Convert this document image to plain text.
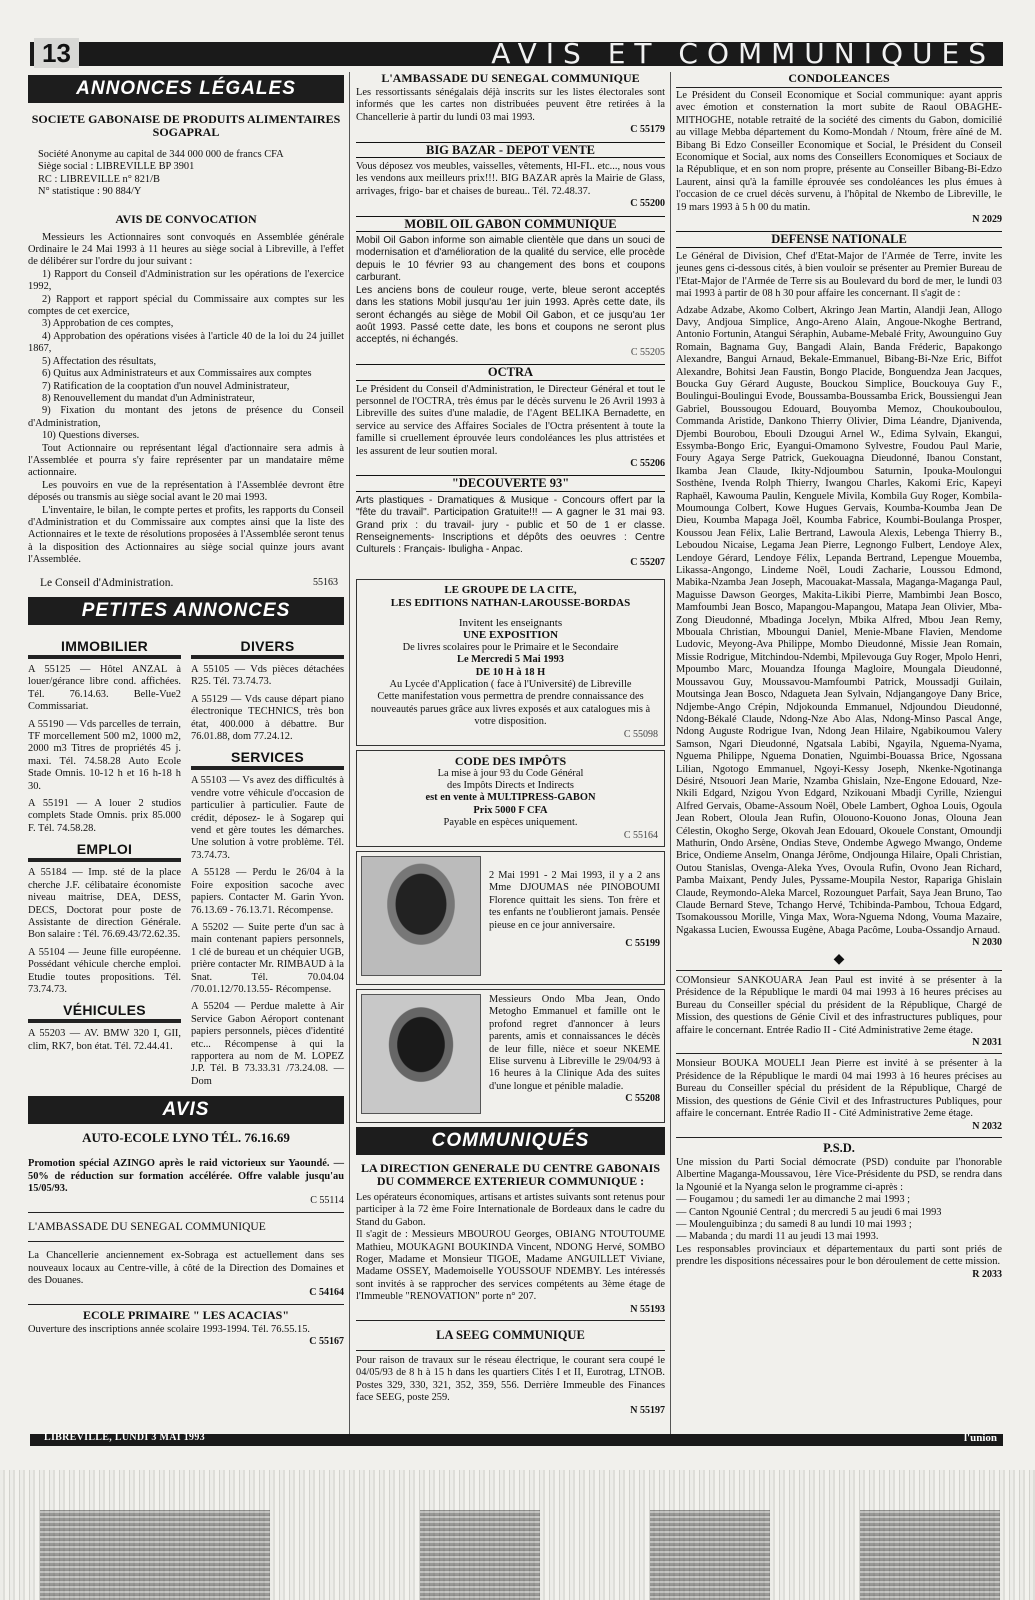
13	AVIS ET COMMUNIQUES
ANNONCES LÉGALES
SOCIETE GABONAISE DE PRODUITS ALIMENTAIRES
SOGAPRAL
Société Anonyme au capital de 344 000 000 de francs CFA
Siège social : LIBREVILLE BP 3901
RC : LIBREVILLE n° 821/B
N° statistique : 90 884/Y
AVIS DE CONVOCATION

Messieurs les Actionnaires sont convoqués en Assemblée générale Ordinaire le 24 Mai 1993 à 11 heures au siège social à Libreville, à l'effet de délibérer sur l'ordre du jour suivant :

1) Rapport du Conseil d'Administration sur les opérations de l'exercice 1992,

2) Rapport et rapport spécial du Commissaire aux comptes sur les comptes de cet exercice,

3) Approbation de ces comptes,

4) Approbation des opérations visées à l'article 40 de la loi du 24 juillet 1867,

5) Affectation des résultats,

6) Quitus aux Administrateurs et aux Commissaires aux comptes

7) Ratification de la cooptation d'un nouvel Administrateur,

8) Renouvellement du mandat d'un Administrateur,

9) Fixation du montant des jetons de présence du Conseil d'Administration,

10) Questions diverses.

Tout Actionnaire ou représentant légal d'actionnaire sera admis à l'Assemblée et pourra s'y faire représenter par un mandataire même actionnaire.

Les pouvoirs en vue de la représentation à l'Assemblée devront être déposés ou transmis au siège social avant le 20 mai 1993.

L'inventaire, le bilan, le compte pertes et profits, les rapports du Conseil d'Administration et du Commissaire aux comptes ainsi que la liste des Actionnaires et le texte de résolutions proposées à l'Assemblée seront tenus à la disposition des Actionnaires au siège social quinze jours avant l'Assemblée.

Le Conseil d'Administration.	55163
PETITES ANNONCES
IMMOBILIER

A 55125 — Hôtel ANZAL à louer/gérance libre cond. affichées. Tél. 76.14.63. Belle-Vue2 Commissariat.

A 55190 — Vds parcelles de terrain, TF morcellement 500 m2, 1000 m2, 2000 m3 Titres de propriétés 45 j. maxi. Tél. 74.58.28 Auto Ecole Stade Omnis. 10-12 h et 16 h-18 h 30.

A 55191 — A louer 2 studios complets Stade Omnis. prix 85.000 F. Tél. 74.58.28.

EMPLOI

A 55184 — Imp. sté de la place cherche J.F. célibataire économiste niveau maitrise, DEA, DESS, DECS, Doctorat pour poste de Assistante de direction Générale. Bon salaire : Tél. 76.69.43/72.62.35.

A 55104 — Jeune fille européenne. Possédant véhicule cherche emploi. Etudie toutes propositions. Tél. 73.74.73.

VÉHICULES

A 55203 — AV. BMW 320 I, GII, clim, RK7, bon état. Tél. 72.44.41.

DIVERS

A 55105 — Vds pièces détachées R25. Tél. 73.74.73.

A 55129 — Vds cause départ piano électronique TECHNICS, très bon état, 400.000 à débattre. Bur 76.01.88, dom 77.24.12.

SERVICES

A 55103 — Vs avez des difficultés à vendre votre véhicule d'occasion de particulier à particulier. Faute de crédit, déposez- le à Sogarep qui vend et gère toutes les démarches. Une solution à votre problème. Tél. 73.74.73.

A 55128 — Perdu le 26/04 à la Foire exposition sacoche avec papiers. Contacter M. Garin Yvon. 76.13.69 - 76.13.71. Récompense.

A 55202 — Suite perte d'un sac à main contenant papiers personnels, 1 clé de bureau et un chéquier UGB, prière contacter Mr. RIMBAUD à la Snat. Tél. 70.04.04 /70.01.12/70.13.55- Récompense.

A 55204 — Perdue malette à Air Service Gabon Aéroport contenant papiers personnels, pièces d'identité etc... Récompense à qui la rapportera au nom de M. LOPEZ J.P. Tél. B 73.33.31 /73.24.08. — Dom

AVIS
AUTO-ECOLE LYNO TÉL. 76.16.69

Promotion spécial AZINGO après le raid victorieux sur Yaoundé. — 50% de réduction sur formation accélérée. Offre valable jusqu'au 15/05/93.

C 55114
L'AMBASSADE DU SENEGAL COMMUNIQUE

La Chancellerie anciennement ex-Sobraga est actuellement dans ses nouveaux locaux au Centre-ville, à côté de la Direction des Domaines et des Douanes.

C 54164
ECOLE PRIMAIRE " LES ACACIAS"

Ouverture des inscriptions année scolaire 1993-1994. Tél. 76.55.15.

C 55167
L'AMBASSADE DU SENEGAL COMMUNIQUE

Les ressortissants sénégalais déjà inscrits sur les listes électorales sont informés que les cartes non distribuées peuvent être retirées à la Chancellerie à partir du lundi 03 mai 1993.

C 55179
BIG BAZAR - DEPOT VENTE

Vous déposez vos meubles, vaisselles, vêtements, HI-FI.. etc..., nous vous les vendons aux meilleurs prix!!!. BIG BAZAR après la Mairie de Glass, arrivages, frigo- bar et chaises de bureau.. Tél. 72.48.37.

C 55200
MOBIL OIL GABON COMMUNIQUE

Mobil Oil Gabon informe son aimable clientèle que dans un souci de modernisation et d'amélioration de la qualité du service, elle procède depuis le 10 février 93 au changement des bons et coupons carburant.

Les anciens bons de couleur rouge, verte, bleue seront acceptés dans les stations Mobil jusqu'au 1er juin 1993. Après cette date, ils seront échangés au siège de Mobil Oil Gabon, et ce jusqu'au 1er août 1993. Passé cette date, les bons et coupons ne seront plus acceptés, ni échangés.

C 55205
OCTRA

Le Président du Conseil d'Administration, le Directeur Général et tout le personnel de l'OCTRA, très émus par le décès survenu le 26 Avril 1993 à Libreville des suites d'une maladie, de l'Agent BELIKA Bernadette, en service au service des Affaires Sociales de l'Octra présentent à toute la famille si cruellement éprouvée leurs condoléances les plus attristées et les assurent de leur soutien moral.

C 55206
"DECOUVERTE 93"

Arts plastiques - Dramatiques & Musique - Concours offert par la "fête du travail". Participation Gratuite!!! — A gagner le 31 mai 93. Grand prix : du travail- jury - public et 50 de 1 er classe. Renseignements- Inscriptions et dépôts des oeuvres : Centre Culturels : Français- Ibuligha - Anpac.

C 55207
LE GROUPE DE LA CITE,
LES EDITIONS NATHAN-LAROUSSE-BORDAS
Invitent les enseignants
UNE EXPOSITION
De livres scolaires pour le Primaire et le Secondaire
Le Mercredi 5 Mai 1993
DE 10 H à 18 H
Au Lycée d'Application ( face à l'Université) de Libreville
Cette manifestation vous permettra de prendre connaissance des nouveautés parues grâce aux livres exposés et aux catalogues mis à votre disposition.
C 55098
CODE DES IMPÔTS
La mise à jour 93 du Code Général
des Impôts Directs et Indirects
est en vente à MULTIPRESS-GABON
Prix 5000 F CFA
Payable en espèces uniquement.
C 55164

2 Mai 1991 - 2 Mai 1993, il y a 2 ans Mme DJOUMAS née PINOBOUMI Florence quittait les siens. Ton frère et tes enfants ne t'oublieront jamais. Pensée pieuse en ce jour anniversaire.

C 55199

Messieurs Ondo Mba Jean, Ondo Metogho Emmanuel et famille ont le profond regret d'annoncer à leurs parents, amis et connaissances le décès de leur fille, nièce et soeur NKEME Elise survenu à Libreville le 29/04/93 à 16 heures à la Clinique Ada des suites d'une longue et pénible maladie.

C 55208
COMMUNIQUÉS
LA DIRECTION GENERALE DU CENTRE GABONAIS DU COMMERCE EXTERIEUR COMMUNIQUE :

Les opérateurs économiques, artisans et artistes suivants sont retenus pour participer à la 72 ème Foire Internationale de Bordeaux dans le cadre du Stand du Gabon.

Il s'agit de : Messieurs MBOUROU Georges, OBIANG NTOUTOUME Mathieu, MOUKAGNI BOUKINDA Vincent, NDONG Hervé, SOMBO Roger, Madame et Monsieur TIGOE, Madame ANGUILLET Viviane, Madame OSSEY, Mademoiselle YOUSSOUF NDEMBY. Les intéressés sont invités à se rapprocher des services compétents au 3ème étage de l'Immeuble "RENOVATION" porte n° 207.

N 55193
LA SEEG COMMUNIQUE

Pour raison de travaux sur le réseau électrique, le courant sera coupé le 04/05/93 de 8 h à 15 h dans les quartiers Cités I et II, Eurotrag, LTNOB. Postes 329, 330, 321, 352, 359, 556. Derrière Immeuble des Finances face SEEG, poste 259.

N 55197
CONDOLEANCES

Le Président du Conseil Economique et Social communique: ayant appris avec émotion et consternation la mort subite de Raoul OBAGHE-MITHOGHE, notable retraité de la société des ciments du Gabon, domicilié au village Mebba département du Komo-Mondah / Ntoum, frère aîné de M. Bibang Bi Edzo Conseiller Economique et Social, le Président du Conseil Economique et Social, aux noms des Conseillers Economiques et Sociaux de la République, et en son nom propre, présente au Conseiller Bibang-Bi-Edzo Laurent, ainsi qu'à la famille éprouvée ses condoléances les plus émues à l'occasion de ce cruel décès survenu, à l'hôpital de Nkembo de Libreville, le 19 mars 1993 à 5 h 00 du matin.

N 2029
DEFENSE NATIONALE

Le Général de Division, Chef d'Etat-Major de l'Armée de Terre, invite les jeunes gens ci-dessous cités, à bien vouloir se présenter au Premier Bureau de l'Etat-Major de l'Armée de Terre sis au Boulevard du bord de mer, le lundi 03 mai 1993 à partir de 08 h 30 pour affaire les concernant. Il s'agit de :

Adzabe Adzabe, Akomo Colbert, Akringo Jean Martin, Alandji Jean, Allogo Davy, Andjoua Simplice, Ango-Areno Alain, Angoue-Nkoghe Bertrand, Antonio Fortunin, Atangui Séraphin, Aubame-Mebalé Frity, Awounguino Guy Romain, Bagnama Guy, Bangadi Alain, Banda Fréderic, Bapakongo Alexandre, Bangui Arnaud, Bekale-Emmanuel, Bibang-Bi-Nze Eric, Biffot Alexandre, Bohitsi Jean Faustin, Bongo Placide, Bonguendza Jean Jacques, Boucka Guy Gérard Auguste, Bouckou Simplice, Bouckouya Guy F., Boulingui-Boulingui Evode, Boussamba-Boussamba Erick, Boussiengui Jean Gabriel, Boussougou Edouard, Bouyomba Memoz, Choukouboulou, Commanda Aristide, Dankono Thierry Olivier, Dima Léandre, Djanivenda, Djembi Bourobou, Ebouli Dzougui Arnel W., Edima Sylvain, Ekangui, Essymba-Bongo Eric, Eyangui-Omamono Sylvestre, Foudou Paul Marie, Foury Agaya Serge Patrick, Guekouagna Dieudonné, Ibanou Constant, Ikamba Jean Claude, Ikity-Ndjoumbou Saturnin, Ipouka-Moulongui Sosthène, Ivenda Rolph Thierry, Iwangou Charles, Kakomi Eric, Kapeyi Raphaël, Kawouma Paulin, Kenguele Mivila, Kombila Guy Roger, Kombila-Moumounga Colbert, Kowe Hugues Gervais, Koumba-Koumba Jean De Dieu, Koumba Mapaga Joël, Koumba Fabrice, Koumbi-Boulanga Prosper, Koussou Jean Félix, Lalie Bertrand, Lawoula Alexis, Lebenga Thierry B., Leboudou Nicaise, Legama Jean Pierre, Legnongo Fulbert, Lendoye Alex, Lendoye Gérard, Lendoye Félix, Lepanda Bertrand, Lepengue Mouemba, Likassa-Angongo, Lindeme Noël, Loudi Zacharie, Loussou Edmond, Mabika-Nzamba Jean Joseph, Macouakat-Massala, Maganga-Maganga Paul, Maguisse Dawson Georges, Makita-Likibi Pierre, Mambimbi Jean Bosco, Mamfoumbi Jean Bosco, Mapangou-Mapangou, Matapa Jean Olivier, Mba-Zong Dieudonné, Mbadinga Jocelyn, Mbika Alfred, Mbou Jean Remy, Mbouala Christian, Mboungui Daniel, Menie-Mbane Flavien, Mendome Ludovic, Meyong-Ava Philippe, Mombo Dieudonné, Missie Jean Romain, Missie Rodrigue, Mitchindou-Ndembi, Mpilevouga Guy Roger, Mpolo Henri, Mpoumbo Marc, Mouandza Ifounga Magloire, Moungala Dieudonné, Moussavou Guy, Moussavou-Mamfoumbi Patrick, Moussadji Guilain, Moutsinga Jean Bosco, Ndagueta Jean Sylvain, Ndjangangoye Dany Brice, Ndjembe-Ango Crépin, Ndjokounda Emmanuel, Ndjoundou Dieudonné, Ndong-Békalé Claude, Ndong-Nze Abo Alas, Ndong-Minso Pascal Ange, Ndong Auguste Rodrigue Ivan, Ndong Jean Hilaire, Ngabikoumou Valery Samson, Ngari Dieudonné, Ngatsala Labibi, Ngayila, Nguema-Nyama, Nguema Philippe, Nguema Donatien, Nguimbi-Bouassa Brice, Ngossana Lilian, Ngotogo Emmanuel, Ngoyi-Kessy Joseph, Nkenke-Ngotinanga Désiré, Ntsouori Jean Marie, Nzamba Ghislain, Nze-Engone Edouard, Nze-Nkili Edgard, Nzigou Yvon Edgard, Nzikouani Mbadji Cyrille, Nziengui Alfred Gervais, Obame-Assoum Noël, Obele Lambert, Oghoa Louis, Ogoula Jean Robert, Oloula Jean Rufin, Olouono-Kouono Jonas, Olouna Jean Célestin, Okogho Serge, Okovah Jean Edouard, Okouele Constant, Omoundji Mathurin, Ondo Arsène, Ondias Steve, Ondembe Agwego Mwango, Ondeme Brice, Ondieme Anselm, Onanga Jérôme, Ondjounga Hilaire, Opali Christian, Outou Stanislas, Ovenga-Aleka Yves, Ovoula Rufin, Ovono Jean Richard, Pamba Maixant, Pendy Jules, Pyssame-Moupila Nestor, Rapariga Ghislain Claude, Reymondo-Aleka Marcel, Rozounguet Parfait, Saya Jean Bruno, Tao Claude Bernard Steve, Tchango Hervé, Tchibinda-Pambou, Tchoua Edgard, Tsomakoussou Morille, Vinga Max, Wora-Nguema Ndong, Vouma Mazaire, Ngakassa Lucien, Ewoussa Eugène, Abaga Pacôme, Louba-Ossandjo Arnaud.

N 2030
◆

COMonsieur SANKOUARA Jean Paul est invité à se présenter à la Présidence de la République le mardi 04 mai 1993 à 16 heures précises au Bureau du Conseiller spécial du président de la République, Chargé de Mission, des questions de Génie Civil et des infrastructures publiques, pour affaire le concernant. Entrée Radio II - Cité Administrative 2eme étage.

N 2031

Monsieur BOUKA MOUELI Jean Pierre est invité à se présenter à la Présidence de la République le mardi 04 mai 1993 à 16 heures précises au Bureau du Conseiller spécial du président de la République, Chargé de Mission, des questions de Génie Civil et des Infrastructures Publiques, pour affaire le concernant. Entrée Radio II - Cité Administrative 2eme étage.

N 2032
P.S.D.

Une mission du Parti Social démocrate (PSD) conduite par l'honorable Albertine Maganga-Moussavou, 1ère Vice-Présidente du PSD, se rendra dans la Ngounié et la Nyanga selon le programme ci-après :

— Fougamou ; du samedi 1er au dimanche 2 mai 1993 ;
— Canton Ngounié Central ; du mercredi 5 au jeudi 6 mai 1993
— Moulenguibinza ; du samedi 8 au lundi 10 mai 1993 ;
— Mabanda ; du mardi 11 au jeudi 13 mai 1993.

Les responsables provinciaux et départementaux du parti sont priés de prendre les dispositions nécessaires pour le bon déroulement de cette mission.

R 2033
LIBREVILLE, LUNDI 3 MAI 1993	l'union
